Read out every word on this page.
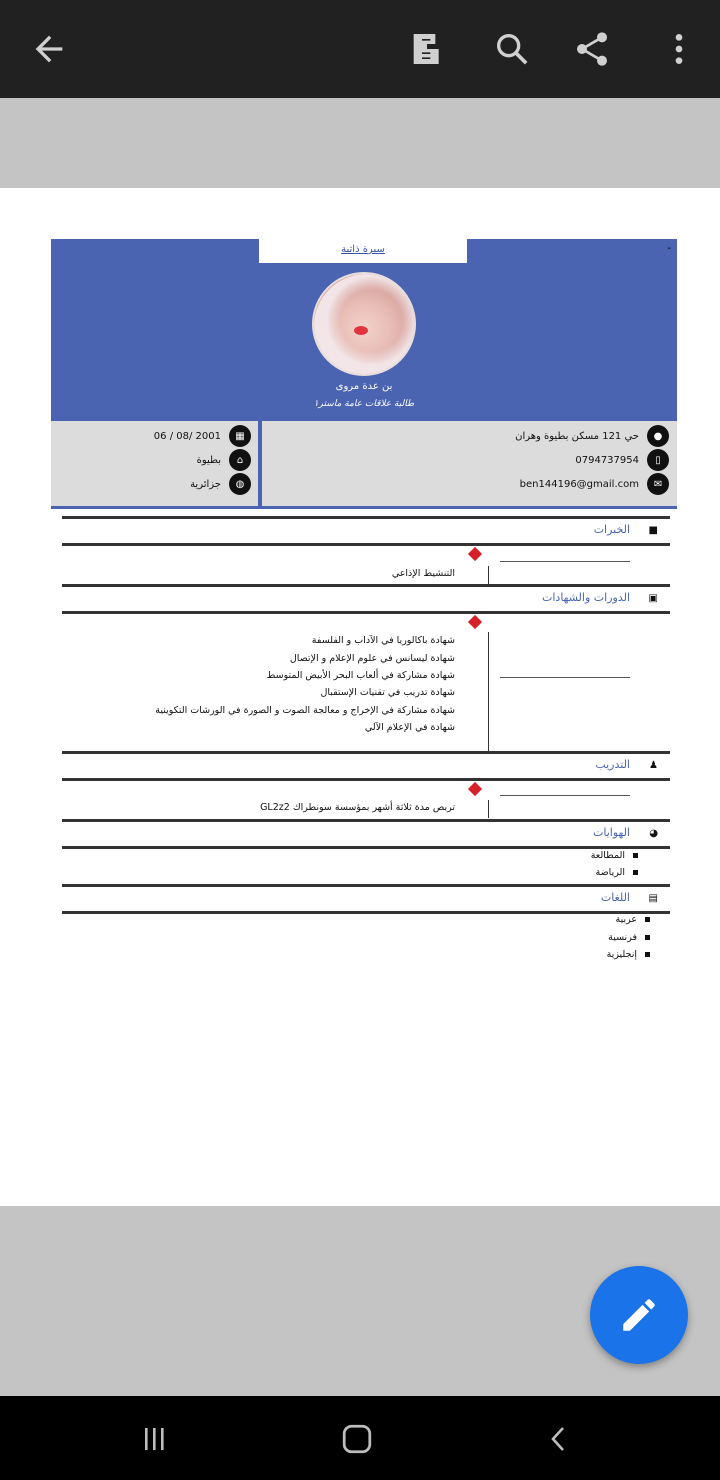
سيرة ذاتية	-
بن عدة مروى
طالبة علاقات عامة ماستر١
▦
2001 /08 / 06
⌂
بطيوة
◍
جزائرية
●
حي 121 مسكن بطيوة وهران
▯
0794737954
✉
ben144196@gmail.com
■
الخبرات
التنشيط الإذاعي
▣
الدورات والشهادات
شهادة باكالوريا في الآداب و الفلسفة
شهادة ليسانس في علوم الإعلام و الإتصال
شهادة مشاركة في ألعاب البحر الأبيض المتوسط
شهادة تدريب في تقنيات الإستقبال
شهادة مشاركة في الإخراج و معالجة الصوت و الصورة في الورشات التكوينية
شهادة في الإعلام الآلي
♟
التدريب
تربص مدة ثلاثة أشهر بمؤسسة سونطراك GL2z2
◕
الهوايات
المطالعة
الرياضة
▤
اللغات
عربية
فرنسية
إنجليزية
